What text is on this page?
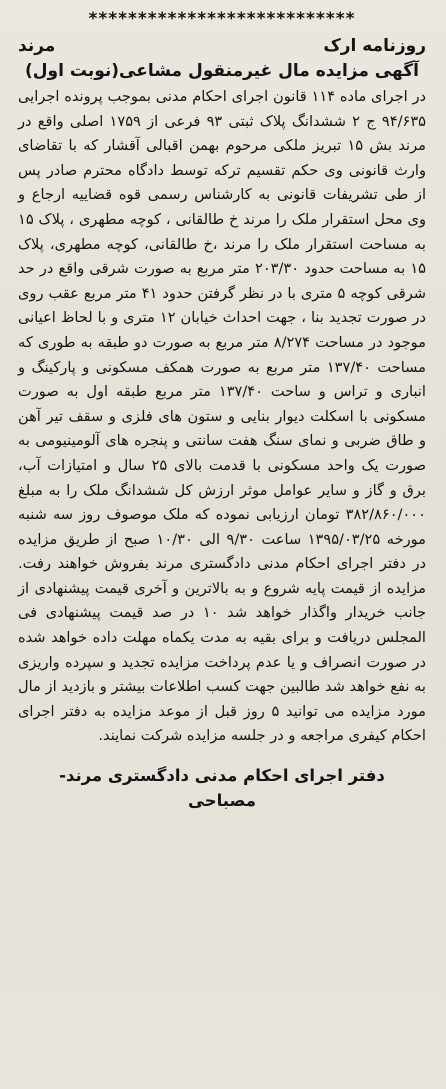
***************************
روزنامه ارک
مرند
آگهی مزایده مال غیرمنقول مشاعی(نوبت اول)
در اجرای ماده ۱۱۴ قانون اجرای احکام مدنی بموجب پرونده اجرایی ۹۴/۶۳۵ ج ۲ ششدانگ پلاک ثبتی ۹۳ فرعی از ۱۷۵۹ اصلی واقع در مرند بش ۱۵ تبریز ملکی مرحوم بهمن اقبالی آقشار که با تقاضای وارث قانونی وی حکم تقسیم ترکه توسط دادگاه محترم صادر پس از طی تشریفات قانونی به کارشناس رسمی قوه قضاییه ارجاع و وی محل استقرار ملک را مرند خ طالقانی ، کوچه مطهری ، پلاک ۱۵ به مساحت استقرار ملک را مرند ،خ طالقانی، کوچه مطهری، پلاک ۱۵ به مساحت حدود ۲۰۳/۳۰ متر مربع به صورت شرقی واقع در حد شرقی کوچه ۵ متری با در نظر گرفتن حدود ۴۱ متر مربع عقب روی در صورت تجدید بنا ، جهت احداث خیابان ۱۲ متری و با لحاظ اعیانی موجود در مساحت ۸/۲۷۴ متر مربع به صورت دو طبقه به طوری که مساحت ۱۳۷/۴۰ متر مربع به صورت همکف مسکونی و پارکینگ و انباری و تراس و ساحت ۱۳۷/۴۰ متر مربع طبقه اول به صورت مسکونی با اسکلت دیوار بنایی و ستون های فلزی و سقف تیر آهن و طاق ضربی و نمای سنگ هفت سانتی و پنجره های آلومینیومی به صورت یک واحد مسکونی با قدمت بالای ۲۵ سال و امتیازات آب، برق و گاز و سایر عوامل موثر ارزش کل ششدانگ ملک را به مبلغ ۳۸۲/۸۶۰/۰۰۰ تومان ارزیابی نموده که ملک موصوف روز سه شنبه مورخه ۱۳۹۵/۰۳/۲۵ ساعت ۹/۳۰ الی ۱۰/۳۰ صبح از طریق مزایده در دفتر اجرای احکام مدنی دادگستری مرند بفروش خواهند رفت. مزایده از قیمت پایه شروع و به بالاترین و آخری قیمت پیشنهادی از جانب خریدار واگذار خواهد شد ۱۰ در صد قیمت پیشنهادی فی المجلس دریافت و برای بقیه به مدت یکماه مهلت داده خواهد شده در صورت انصراف و یا عدم پرداخت مزایده تجدید و سپرده واریزی به نفع خواهد شد طالبین جهت کسب اطلاعات بیشتر و بازدید از مال مورد مزایده می توانید ۵ روز قبل از موعد مزایده به دفتر اجرای احکام کیفری مراجعه و در جلسه مزایده شرکت نمایند.
دفتر اجرای احکام مدنی دادگستری مرند-
مصباحی
